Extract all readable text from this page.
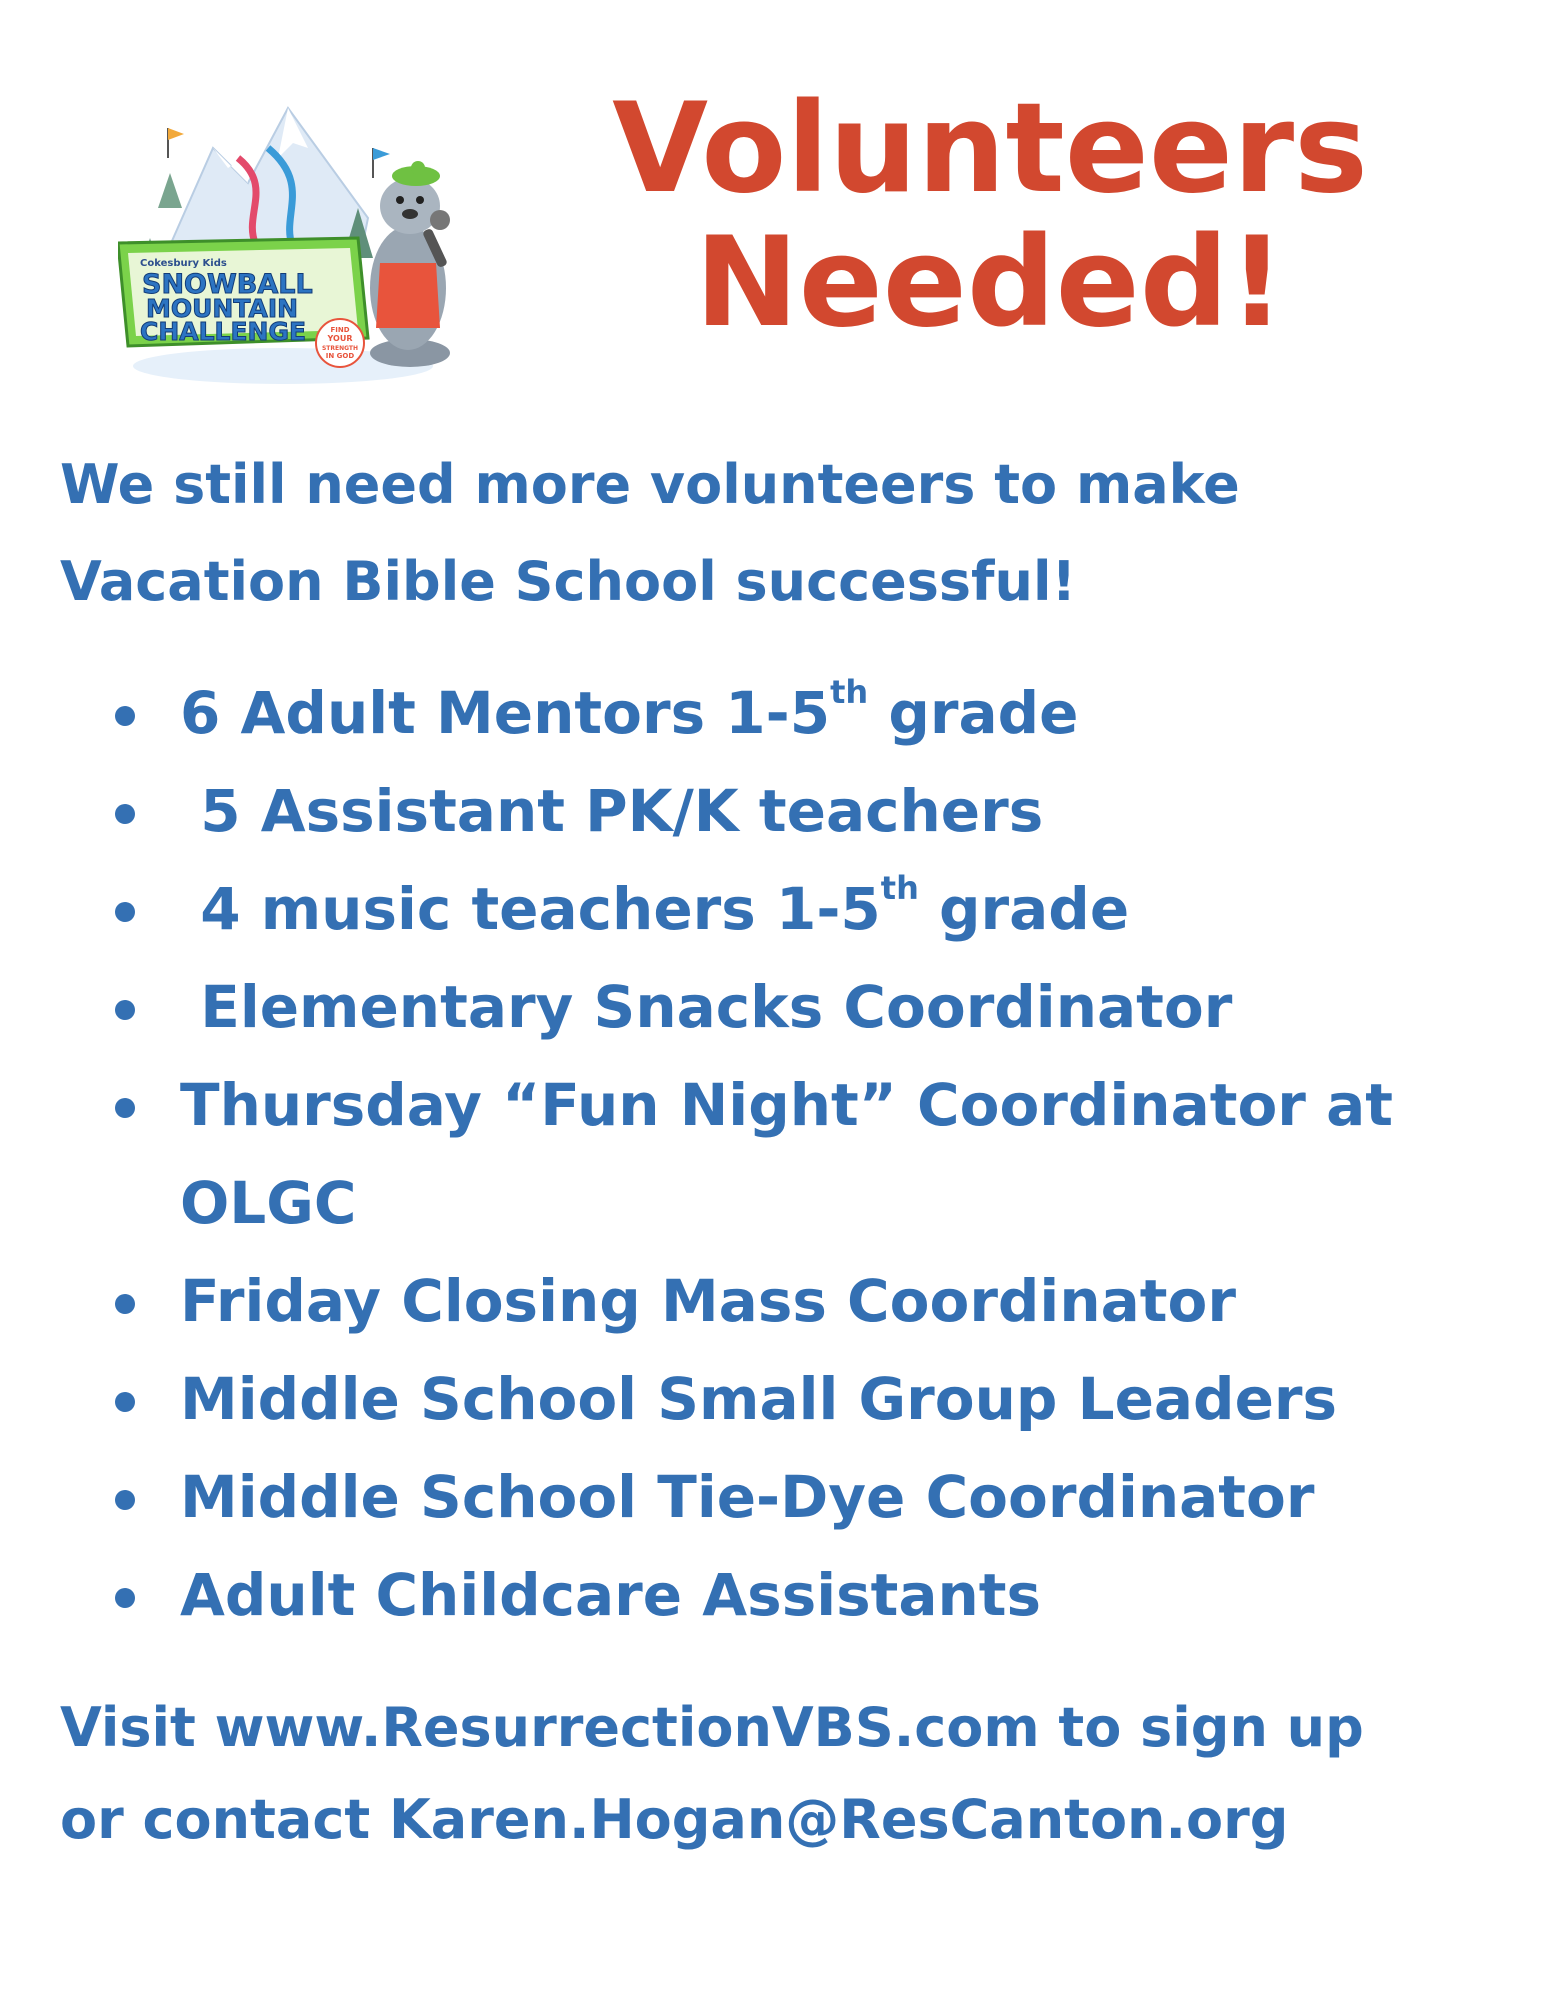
Cokesbury Kids
SNOWBALL
MOUNTAIN
CHALLENGE	FIND
YOUR
STRENGTH
IN GOD
Volunteers
Needed!
We still need more volunteers to make
Vacation Bible School successful!
6 Adult Mentors 1-5th grade
5 Assistant PK/K teachers
4 music teachers 1-5th grade
Elementary Snacks Coordinator
Thursday “Fun Night” Coordinator at OLGC
Friday Closing Mass Coordinator
Middle School Small Group Leaders
Middle School Tie-Dye Coordinator
Adult Childcare Assistants
Visit www.ResurrectionVBS.com to sign up
or contact Karen.Hogan@ResCanton.org
